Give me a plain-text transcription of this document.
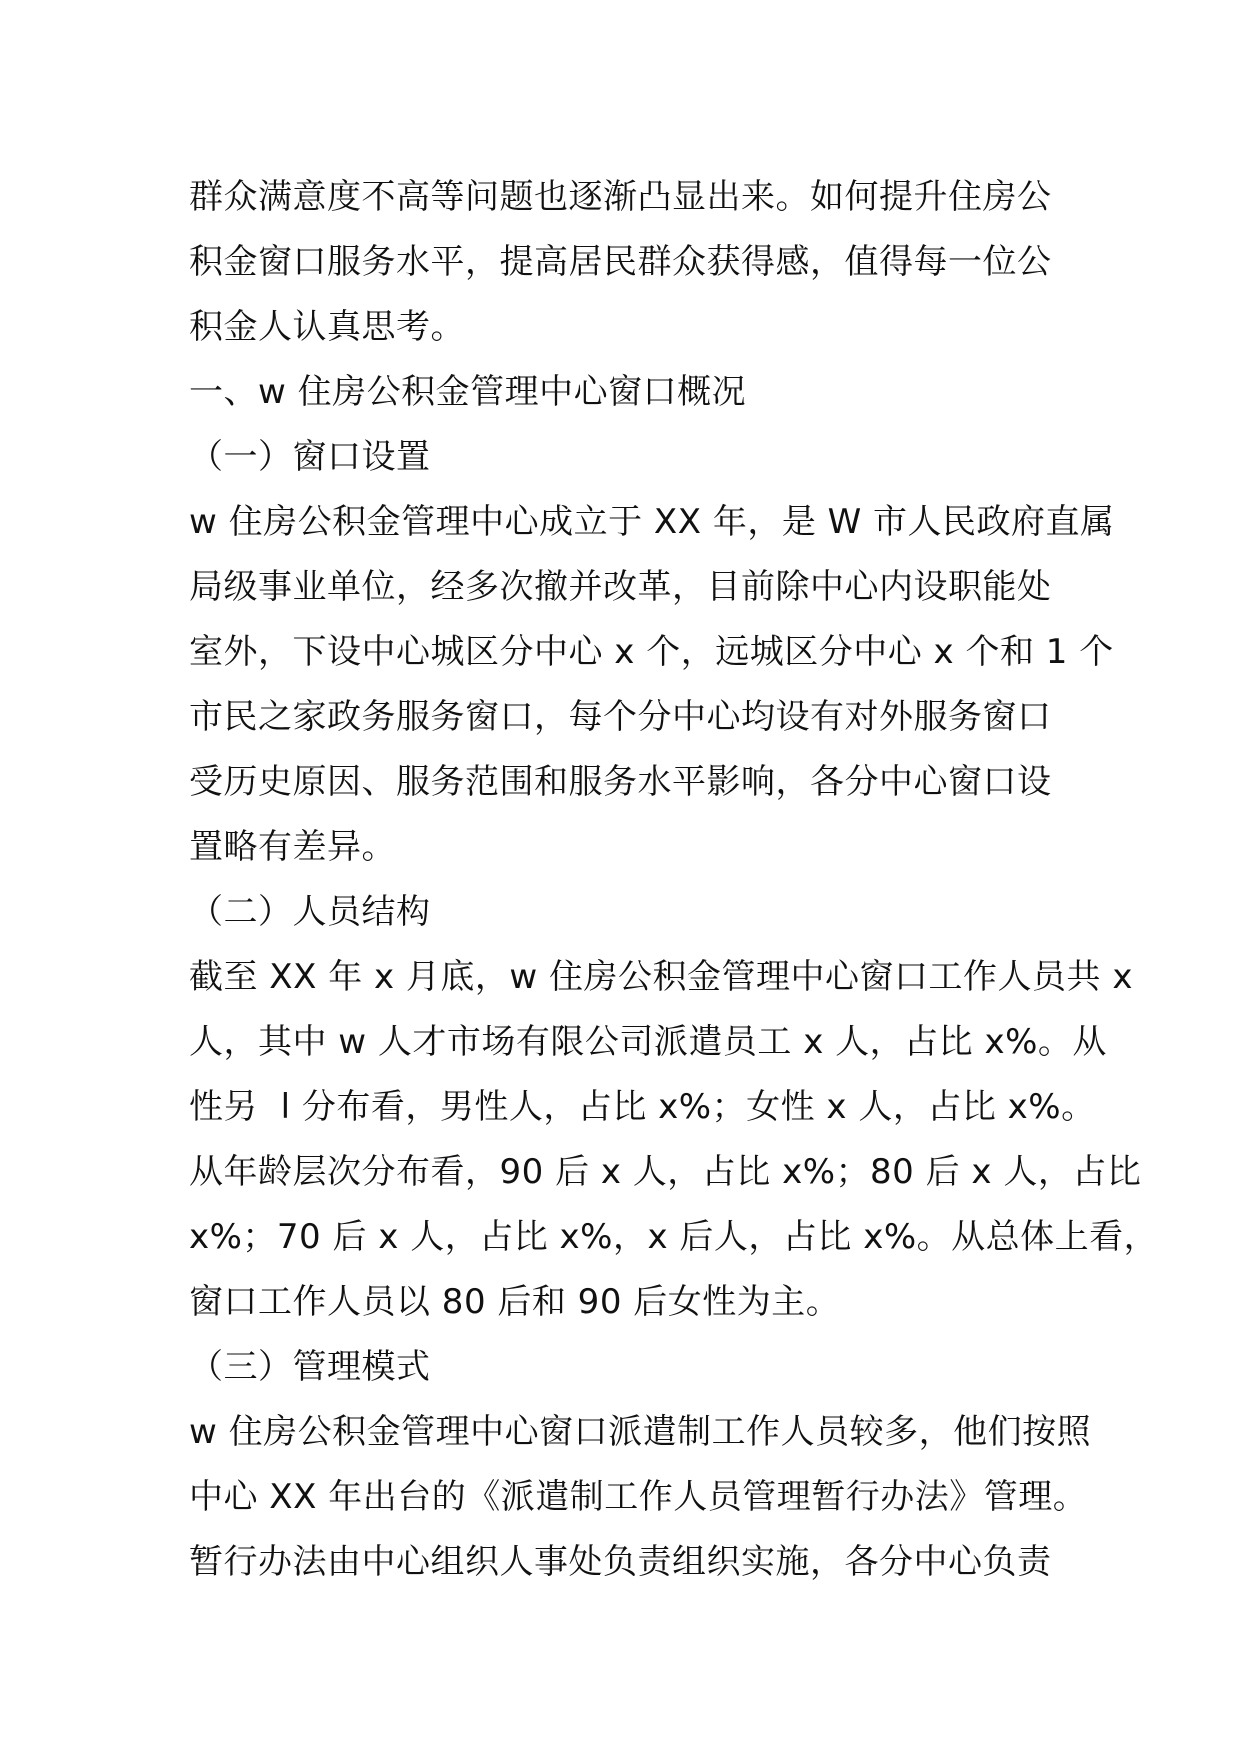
群众满意度不高等问题也逐渐凸显出来。如何提升住房公
积金窗口服务水平，提高居民群众获得感，值得每一位公
积金人认真思考。
一、w 住房公积金管理中心窗口概况
（一）窗口设置
w 住房公积金管理中心成立于 XX 年，是 W 市人民政府直属
局级事业单位，经多次撤并改革，目前除中心内设职能处
室外，下设中心城区分中心 x 个，远城区分中心 x 个和 1 个
市民之家政务服务窗口，每个分中心均设有对外服务窗口
受历史原因、服务范围和服务水平影响，各分中心窗口设
置略有差异。
（二）人员结构
截至 XX 年 x 月底，w 住房公积金管理中心窗口工作人员共 x
人，其中 w 人才市场有限公司派遣员工 x 人，占比 x%。从
性另  l 分布看，男性人，占比 x%；女性 x 人，占比 x%。
从年龄层次分布看，90 后 x 人，占比 x%；80 后 x 人，占比
x%；70 后 x 人，占比 x%，x 后人，占比 x%。从总体上看，
窗口工作人员以 80 后和 90 后女性为主。
（三）管理模式
w 住房公积金管理中心窗口派遣制工作人员较多，他们按照
中心 XX 年出台的《派遣制工作人员管理暂行办法》管理。
暂行办法由中心组织人事处负责组织实施，各分中心负责
